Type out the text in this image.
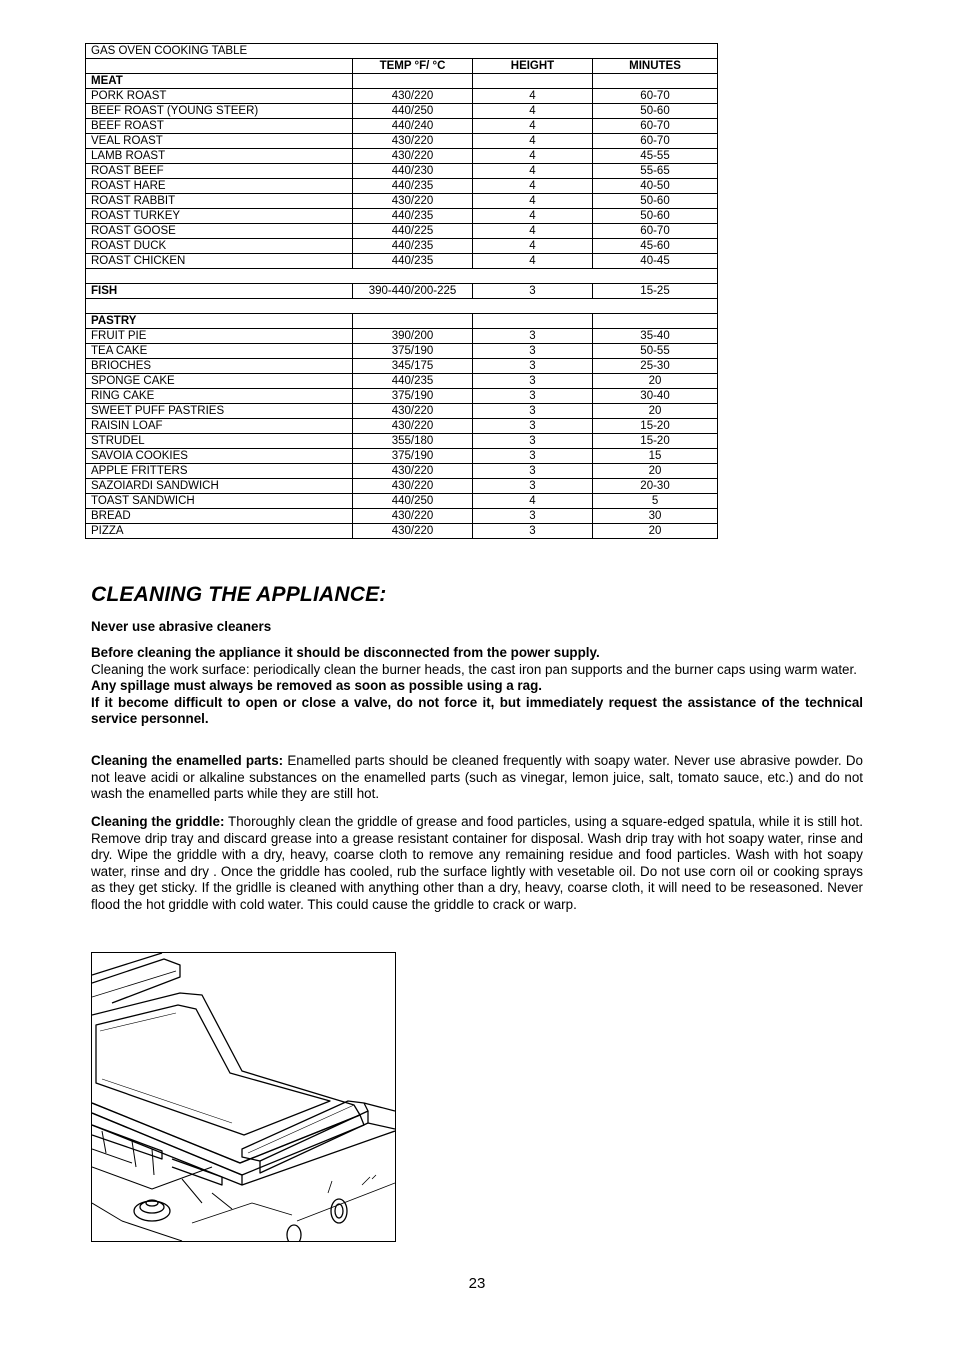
GAS OVEN COOKING TABLE			
	TEMP °F/ °C	HEIGHT	MINUTES
MEAT			
PORK ROAST	430/220	4	60-70
BEEF ROAST (YOUNG STEER)	440/250	4	50-60
BEEF ROAST	440/240	4	60-70
VEAL ROAST	430/220	4	60-70
LAMB ROAST	430/220	4	45-55
ROAST BEEF	440/230	4	55-65
ROAST HARE	440/235	4	40-50
ROAST RABBIT	430/220	4	50-60
ROAST TURKEY	440/235	4	50-60
ROAST GOOSE	440/225	4	60-70
ROAST DUCK	440/235	4	45-60
ROAST CHICKEN	440/235	4	40-45

FISH	390-440/200-225	3	15-25

PASTRY			
FRUIT PIE	390/200	3	35-40
TEA CAKE	375/190	3	50-55
BRIOCHES	345/175	3	25-30
SPONGE CAKE	440/235	3	20
RING CAKE	375/190	3	30-40
SWEET PUFF PASTRIES	430/220	3	20
RAISIN LOAF	430/220	3	15-20
STRUDEL	355/180	3	15-20
SAVOIA COOKIES	375/190	3	15
APPLE FRITTERS	430/220	3	20
SAZOIARDI SANDWICH	430/220	3	20-30
TOAST SANDWICH	440/250	4	5
BREAD	430/220	3	30
PIZZA	430/220	3	20
CLEANING THE APPLIANCE:

Never use abrasive cleaners

Before cleaning the appliance it should be disconnected from the power supply.

Cleaning the work surface: periodically clean the burner heads, the cast iron pan supports and the burner caps using warm water.

Any spillage must always be removed as soon as possible using a rag.

If it become difficult to open or close a valve, do not force it, but immediately request the assistance of the technical service personnel.

Cleaning the enamelled parts: Enamelled parts should be cleaned frequently with soapy water. Never use abrasive powder. Do not leave acidi or alkaline substances on the enamelled parts (such as vinegar, lemon juice, salt, tomato sauce, etc.) and do not wash the enamelled parts while they are still hot.

Cleaning the griddle: Thoroughly clean the griddle of grease and food particles, using a square-edged spatula, while it is still hot. Remove drip tray and discard grease into a grease resistant container for disposal. Wash drip tray with hot soapy water, rinse and dry. Wipe the griddle with a dry, heavy, coarse cloth to remove any remaining residue and food particles. Wash with hot soapy water, rinse and dry . Once the griddle has cooled, rub the surface lightly with vesetable oil. Do not use corn oil or cooking sprays as they get sticky. If the gridlle is cleaned with anything other than a dry, heavy, coarse cloth, it will need to be reseasoned. Never flood the hot griddle with cold water. This could cause the griddle to crack or warp.

23
